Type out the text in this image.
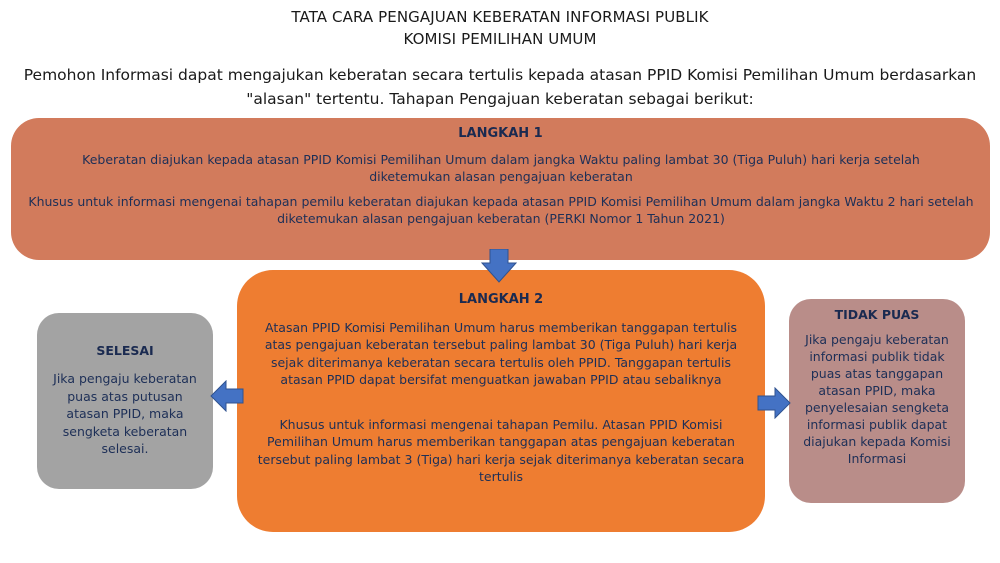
TATA CARA PENGAJUAN KEBERATAN INFORMASI PUBLIK
KOMISI PEMILIHAN UMUM
Pemohon Informasi dapat mengajukan keberatan secara tertulis kepada atasan PPID Komisi Pemilihan Umum berdasarkan
"alasan" tertentu. Tahapan Pengajuan keberatan sebagai berikut:
LANGKAH 1
Keberatan diajukan kepada atasan PPID Komisi Pemilihan Umum dalam jangka Waktu paling lambat 30 (Tiga Puluh) hari kerja setelah diketemukan alasan pengajuan keberatan
Khusus untuk informasi mengenai tahapan pemilu keberatan diajukan kepada atasan PPID Komisi Pemilihan Umum dalam jangka Waktu 2 hari setelah diketemukan alasan pengajuan keberatan (PERKI Nomor 1 Tahun 2021)
LANGKAH 2
Atasan PPID Komisi Pemilihan Umum harus memberikan tanggapan tertulis atas pengajuan keberatan tersebut paling lambat 30 (Tiga Puluh) hari kerja sejak diterimanya keberatan secara tertulis oleh PPID. Tanggapan tertulis atasan PPID dapat bersifat menguatkan jawaban PPID atau sebaliknya
Khusus untuk informasi mengenai tahapan Pemilu. Atasan PPID Komisi Pemilihan Umum harus memberikan tanggapan atas pengajuan keberatan tersebut paling lambat 3 (Tiga) hari kerja sejak diterimanya keberatan secara tertulis
SELESAI
Jika pengaju keberatan puas atas putusan atasan PPID, maka sengketa keberatan selesai.
TIDAK PUAS
Jika pengaju keberatan informasi publik tidak puas atas tanggapan atasan PPID, maka penyelesaian sengketa informasi publik dapat diajukan kepada Komisi Informasi
